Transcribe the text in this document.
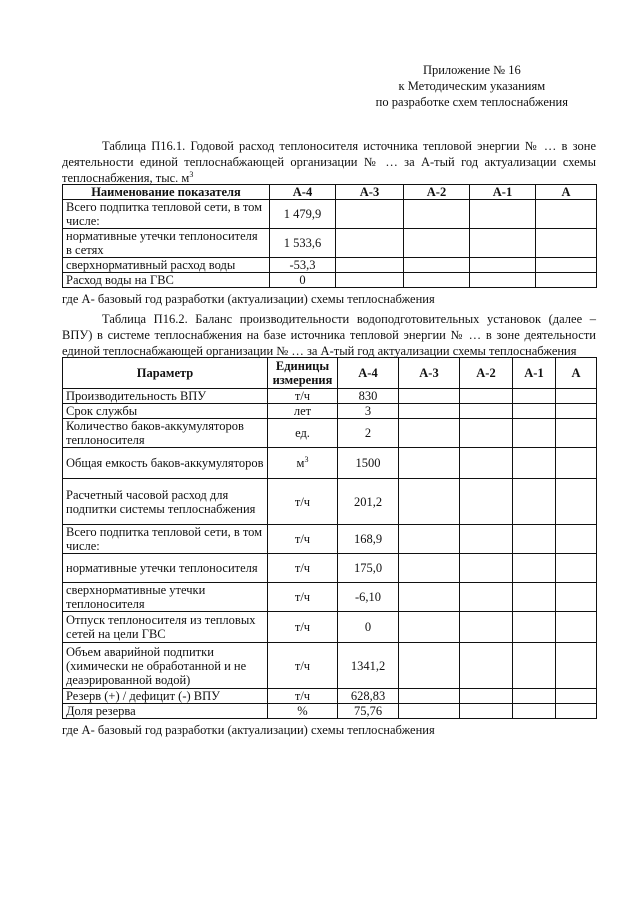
Приложение № 16
к Методическим указаниям
по разработке схем теплоснабжения
Таблица П16.1. Годовой расход теплоносителя источника тепловой энергии № … в зоне деятельности единой теплоснабжающей организации № … за А-тый год актуализации схемы теплоснабжения, тыс. $м^3$
Наименование показателя	А-4	А-3	А-2	А-1	А
Всего подпитка тепловой сети, в том числе:	1 479,9				
нормативные утечки теплоносителя в сетях	1 533,6				
сверхнормативный расход воды	-53,3				
Расход воды на ГВС	0				
где А- базовый год разработки (актуализации) схемы теплоснабжения
Таблица П16.2. Баланс производительности водоподготовительных установок (далее – ВПУ) в системе теплоснабжения на базе источника тепловой энергии № … в зоне деятельности единой теплоснабжающей организации № … за А-тый год актуализации схемы теплоснабжения
Параметр	Единицы измерения	А-4	А-3	А-2	А-1	А
Производительность ВПУ	т/ч	830				
Срок службы	лет	3				
Количество баков-аккумуляторов теплоносителя	ед.	2				
Общая емкость баков-аккумуляторов	$м^3$	1500				
Расчетный часовой расход для подпитки системы теплоснабжения	т/ч	201,2				
Всего подпитка тепловой сети, в том числе:	т/ч	168,9				
нормативные утечки теплоносителя	т/ч	175,0				
сверхнормативные утечки теплоносителя	т/ч	-6,10				
Отпуск теплоносителя из тепловых сетей на цели ГВС	т/ч	0				
Объем аварийной подпитки (химически не обработанной и не деаэрированной водой)	т/ч	1341,2				
Резерв (+) / дефицит (-) ВПУ	т/ч	628,83				
Доля резерва	%	75,76				
где А- базовый год разработки (актуализации) схемы теплоснабжения
